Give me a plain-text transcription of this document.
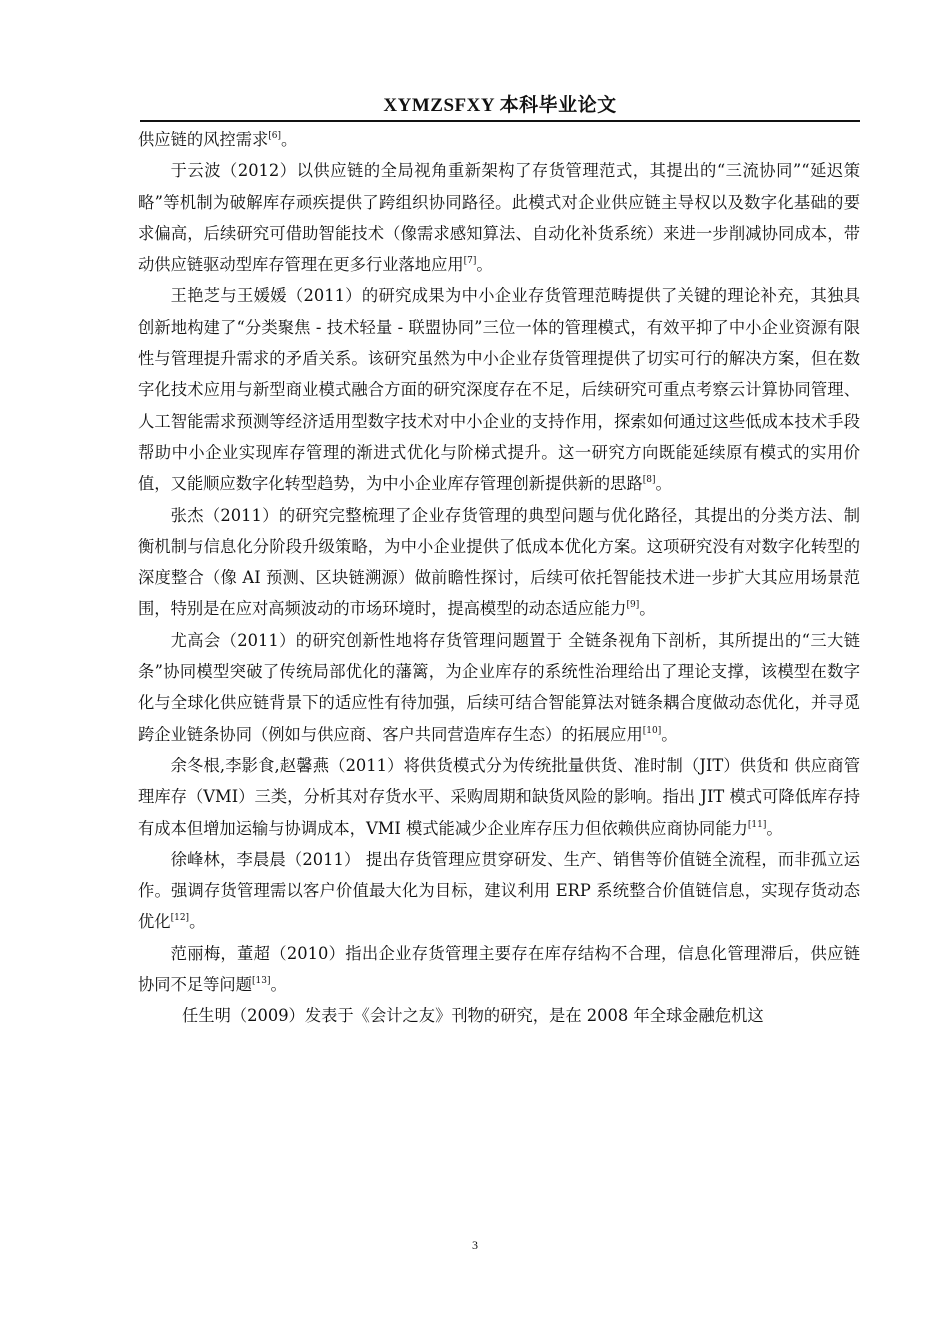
XYMZSFXY 本科毕业论文

供应链的风控需求[6]。

于云波（2012）以供应链的全局视角重新架构了存货管理范式，其提出的“三流协同”“延迟策略”等机制为破解库存顽疾提供了跨组织协同路径。此模式对企业供应链主导权以及数字化基础的要求偏高，后续研究可借助智能技术（像需求感知算法、自动化补货系统）来进一步削减协同成本，带动供应链驱动型库存管理在更多行业落地应用[7]。

王艳芝与王媛媛（2011）的研究成果为中小企业存货管理范畴提供了关键的理论补充，其独具创新地构建了“分类聚焦 - 技术轻量 - 联盟协同”三位一体的管理模式，有效平抑了中小企业资源有限性与管理提升需求的矛盾关系。该研究虽然为中小企业存货管理提供了切实可行的解决方案，但在数字化技术应用与新型商业模式融合方面的研究深度存在不足，后续研究可重点考察云计算协同管理、人工智能需求预测等经济适用型数字技术对中小企业的支持作用，探索如何通过这些低成本技术手段帮助中小企业实现库存管理的渐进式优化与阶梯式提升。这一研究方向既能延续原有模式的实用价值，又能顺应数字化转型趋势，为中小企业库存管理创新提供新的思路[8]。

张杰（2011）的研究完整梳理了企业存货管理的典型问题与优化路径，其提出的分类方法、制衡机制与信息化分阶段升级策略，为中小企业提供了低成本优化方案。这项研究没有对数字化转型的深度整合（像 AI 预测、区块链溯源）做前瞻性探讨，后续可依托智能技术进一步扩大其应用场景范围，特别是在应对高频波动的市场环境时，提高模型的动态适应能力[9]。

尤高会（2011）的研究创新性地将存货管理问题置于 全链条视角下剖析，其所提出的“三大链条”协同模型突破了传统局部优化的藩篱，为企业库存的系统性治理给出了理论支撑，该模型在数字化与全球化供应链背景下的适应性有待加强，后续可结合智能算法对链条耦合度做动态优化，并寻觅跨企业链条协同（例如与供应商、客户共同营造库存生态）的拓展应用[10]。

余冬根,李影食,赵馨燕（2011）将供货模式分为传统批量供货、准时制（JIT）供货和 供应商管理库存（VMI）三类，分析其对存货水平、采购周期和缺货风险的影响。指出 JIT 模式可降低库存持有成本但增加运输与协调成本，VMI 模式能减少企业库存压力但依赖供应商协同能力[11]。

徐峰林，李晨晨（2011） 提出存货管理应贯穿研发、生产、销售等价值链全流程，而非孤立运作。强调存货管理需以客户价值最大化为目标，建议利用 ERP 系统整合价值链信息，实现存货动态优化[12]。

范丽梅，董超（2010）指出企业存货管理主要存在库存结构不合理，信息化管理滞后，供应链协同不足等问题[13]。

任生明（2009）发表于《会计之友》刊物的研究，是在 2008 年全球金融危机这

3
